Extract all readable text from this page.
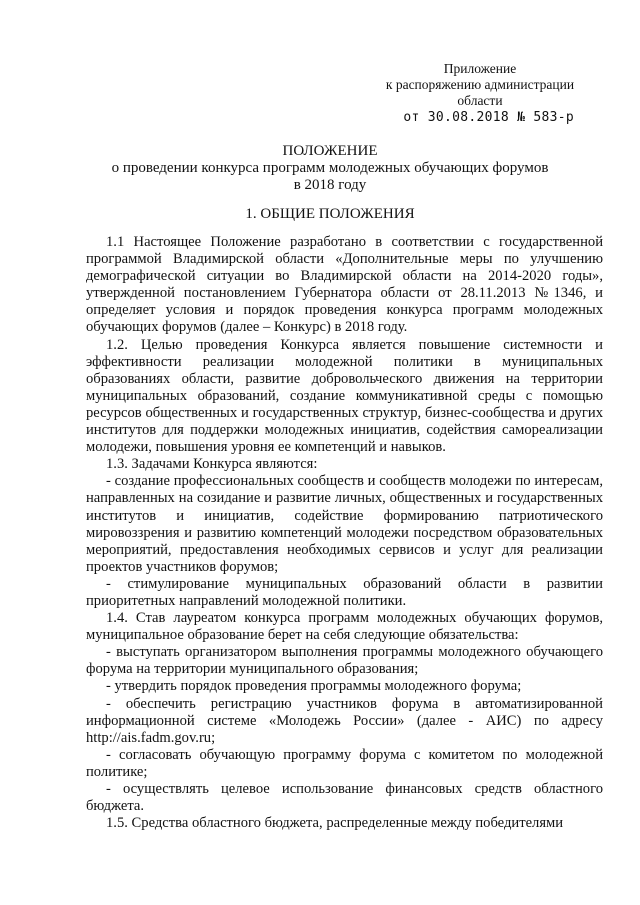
Приложение
к распоряжению администрации
области
от 30.08.2018 № 583-р
ПОЛОЖЕНИЕ
о проведении конкурса программ молодежных обучающих форумов
в 2018 году
1. ОБЩИЕ ПОЛОЖЕНИЯ

1.1 Настоящее Положение разработано в соответствии с государственной программой Владимирской области «Дополнительные меры по улучшению демографической ситуации во Владимирской области на 2014-2020 годы», утвержденной постановлением Губернатора области от 28.11.2013 №1346, и определяет условия и порядок проведения конкурса программ молодежных обучающих форумов (далее – Конкурс) в 2018 году.

1.2. Целью проведения Конкурса является повышение системности и эффективности реализации молодежной политики в муниципальных образованиях области, развитие добровольческого движения на территории муниципальных образований, создание коммуникативной среды с помощью ресурсов общественных и государственных структур, бизнес-сообщества и других институтов для поддержки молодежных инициатив, содействия самореализации молодежи, повышения уровня ее компетенций и навыков.

1.3. Задачами Конкурса являются:

- создание профессиональных сообществ и сообществ молодежи по интересам, направленных на созидание и развитие личных, общественных и государственных институтов и инициатив, содействие формированию патриотического мировоззрения и развитию компетенций молодежи посредством образовательных мероприятий, предоставления необходимых сервисов и услуг для реализации проектов участников форумов;

- стимулирование муниципальных образований области в развитии приоритетных направлений молодежной политики.

1.4. Став лауреатом конкурса программ молодежных обучающих форумов, муниципальное образование берет на себя следующие обязательства:

- выступать организатором выполнения программы молодежного обучающего форума на территории муниципального образования;

- утвердить порядок проведения программы молодежного форума;

- обеспечить регистрацию участников форума в автоматизированной информационной системе «Молодежь России» (далее - АИС) по адресу http://ais.fadm.gov.ru;

- согласовать обучающую программу форума с комитетом по молодежной политике;

- осуществлять целевое использование финансовых средств областного бюджета.

1.5. Средства областного бюджета, распределенные между победителями
